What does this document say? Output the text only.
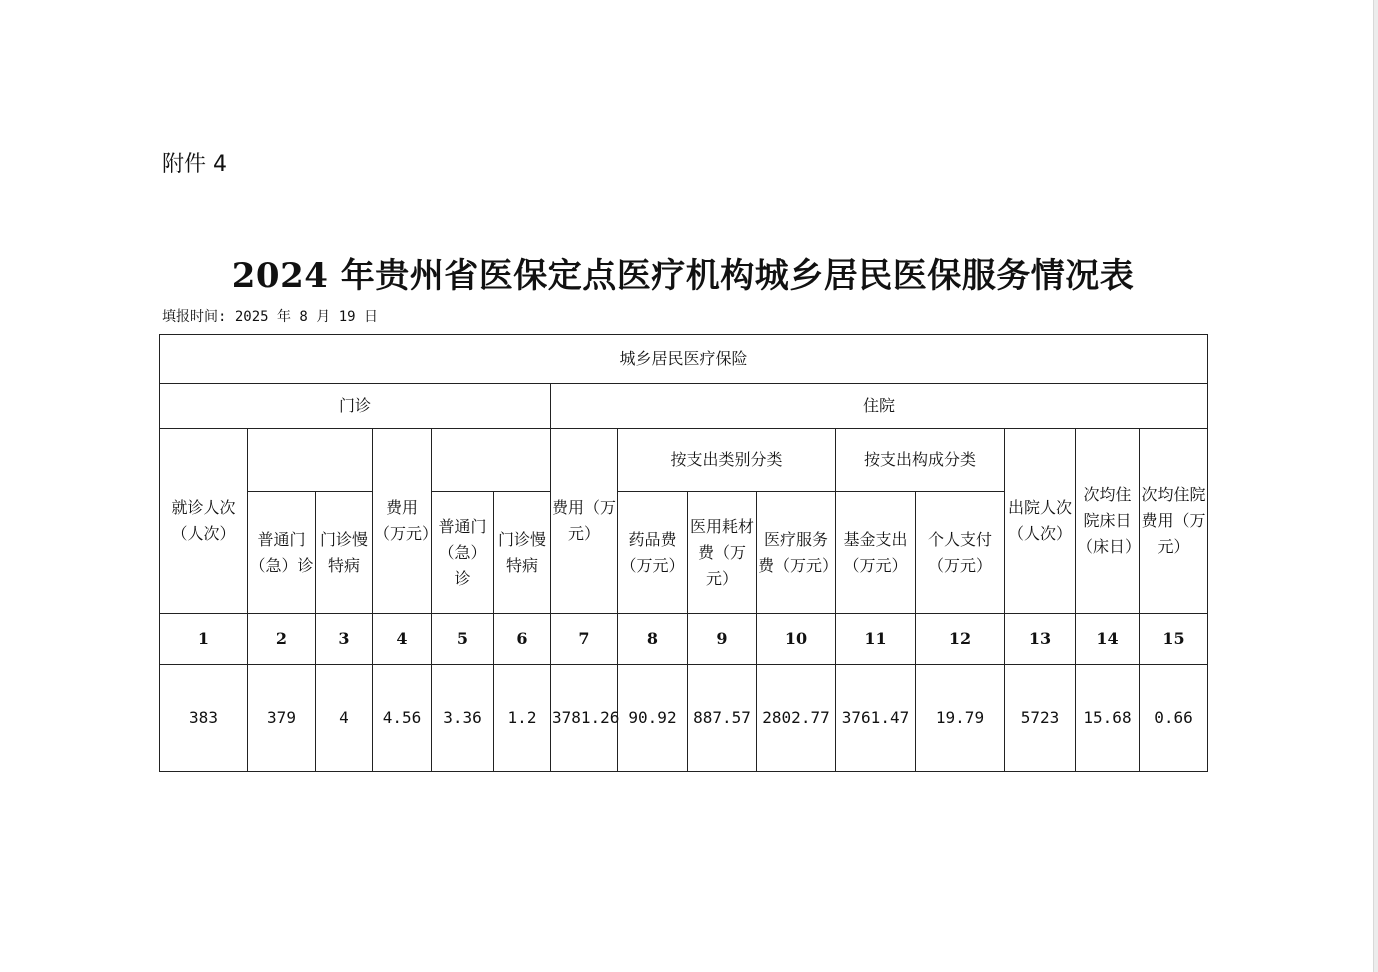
附件 4
2024 年贵州省医保定点医疗机构城乡居民医保服务情况表
填报时间: 2025 年 8 月 19 日
城乡居民医疗保险														
门诊						住院								
就诊人次（人次）			费用（万元）			费用（万元）	按支出类别分类			按支出构成分类		出院人次（人次）	次均住院床日（床日）	次均住院费用（万元）
	普通门（急）诊	门诊慢特病		普通门（急）诊	门诊慢特病		药品费（万元）	医用耗材费（万元）	医疗服务费（万元）	基金支出（万元）	个人支付（万元）			
1	2	3	4	5	6	7	8	9	10	11	12	13	14	15
383	379	4	4.56	3.36	1.2	3781.26	90.92	887.57	2802.77	3761.47	19.79	5723	15.68	0.66
